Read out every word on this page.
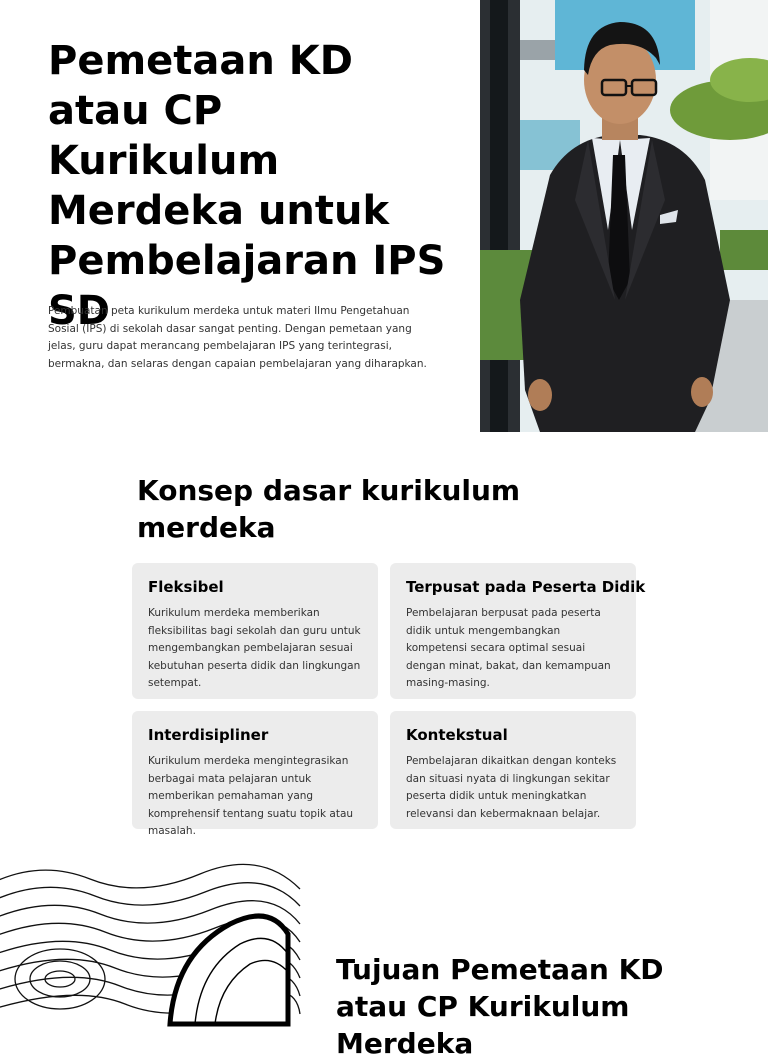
Pemetaan KD atau CP Kurikulum Merdeka untuk Pembelajaran IPS SD

Pembuatan peta kurikulum merdeka untuk materi Ilmu Pengetahuan Sosial (IPS) di sekolah dasar sangat penting. Dengan pemetaan yang jelas, guru dapat merancang pembelajaran IPS yang terintegrasi, bermakna, dan selaras dengan capaian pembelajaran yang diharapkan.

Konsep dasar kurikulum merdeka
Fleksibel

Kurikulum merdeka memberikan fleksibilitas bagi sekolah dan guru untuk mengembangkan pembelajaran sesuai kebutuhan peserta didik dan lingkungan setempat.

Terpusat pada Peserta Didik

Pembelajaran berpusat pada peserta didik untuk mengembangkan kompetensi secara optimal sesuai dengan minat, bakat, dan kemampuan masing-masing.

Interdisipliner

Kurikulum merdeka mengintegrasikan berbagai mata pelajaran untuk memberikan pemahaman yang komprehensif tentang suatu topik atau masalah.

Kontekstual

Pembelajaran dikaitkan dengan konteks dan situasi nyata di lingkungan sekitar peserta didik untuk meningkatkan relevansi dan kebermaknaan belajar.

Tujuan Pemetaan KD atau CP Kurikulum Merdeka
